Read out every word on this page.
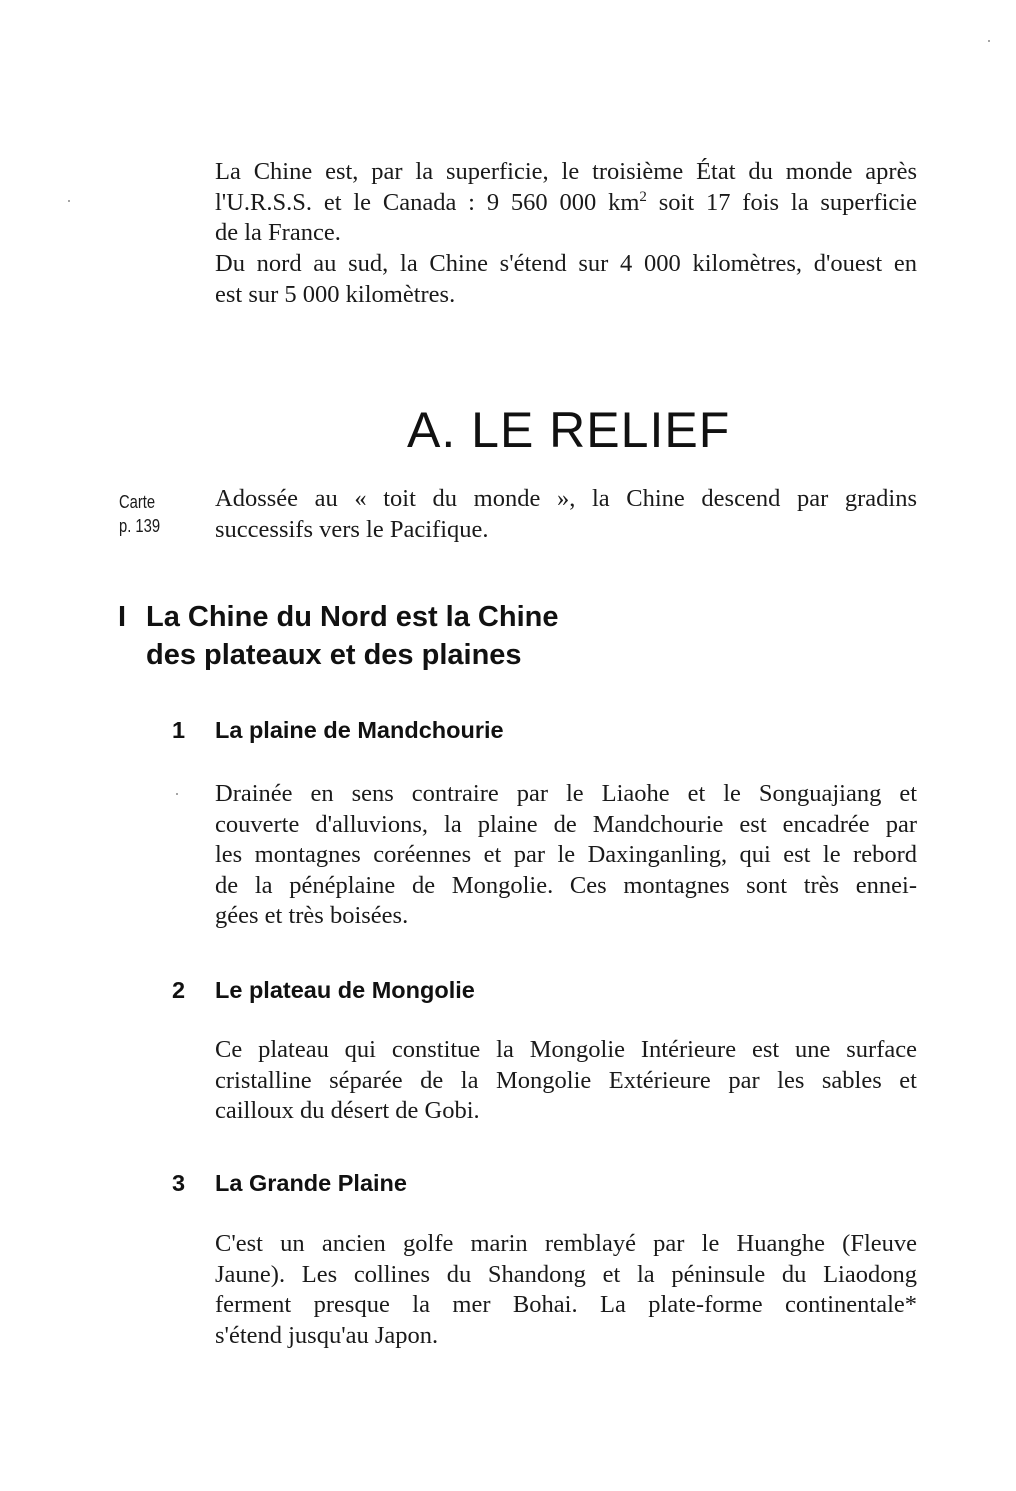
La Chine est, par la superficie, le troisième État du monde après
l'U.R.S.S. et le Canada : 9 560 000 $km^2$ soit 17 fois la superficie
de la France.

Du nord au sud, la Chine s'étend sur 4 000 kilomètres, d'ouest en
est sur 5 000 kilomètres.

A. LE RELIEF
Carte
p. 139

Adossée au « toit du monde », la Chine descend par gradins
successifs vers le Pacifique.

I La Chine du Nord est la Chine
des plateaux et des plaines
1 La plaine de Mandchourie

Drainée en sens contraire par le Liaohe et le Songuajiang et
couverte d'alluvions, la plaine de Mandchourie est encadrée par
les montagnes coréennes et par le Daxinganling, qui est le rebord
de la pénéplaine de Mongolie. Ces montagnes sont très ennei-
gées et très boisées.

2 Le plateau de Mongolie

Ce plateau qui constitue la Mongolie Intérieure est une surface
cristalline séparée de la Mongolie Extérieure par les sables et
cailloux du désert de Gobi.

3 La Grande Plaine

C'est un ancien golfe marin remblayé par le Huanghe (Fleuve
Jaune). Les collines du Shandong et la péninsule du Liaodong
ferment presque la mer Bohai. La plate-forme continentale*
s'étend jusqu'au Japon.
